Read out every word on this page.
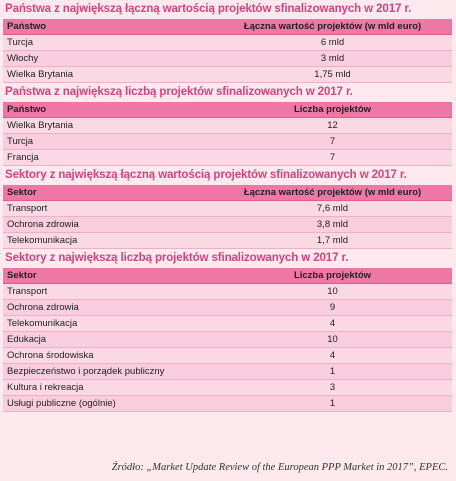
Państwa z największą łączną wartością projektów sfinalizowanych w 2017 r.
Państwo	Łączna wartość projektów (w mld euro)
Turcja	6 mld
Włochy	3 mld
Wielka Brytania	1,75 mld
Państwa z największą liczbą projektów sfinalizowanych w 2017 r.
Państwo	Liczba projektów
Wielka Brytania	12
Turcja	7
Francja	7
Sektory z największą łączną wartością projektów sfinalizowanych w 2017 r.
Sektor	Łączna wartość projektów (w mld euro)
Transport	7,6 mld
Ochrona zdrowia	3,8 mld
Telekomunikacja	1,7 mld
Sektory z największą liczbą projektów sfinalizowanych w 2017 r.
Sektor	Liczba projektów
Transport	10
Ochrona zdrowia	9
Telekomunikacja	4
Edukacja	10
Ochrona środowiska	4
Bezpieczeństwo i porządek publiczny	1
Kultura i rekreacja	3
Usługi publiczne (ogólnie)	1
Źródło: „Market Update Review of the European PPP Market in 2017”, EPEC.
